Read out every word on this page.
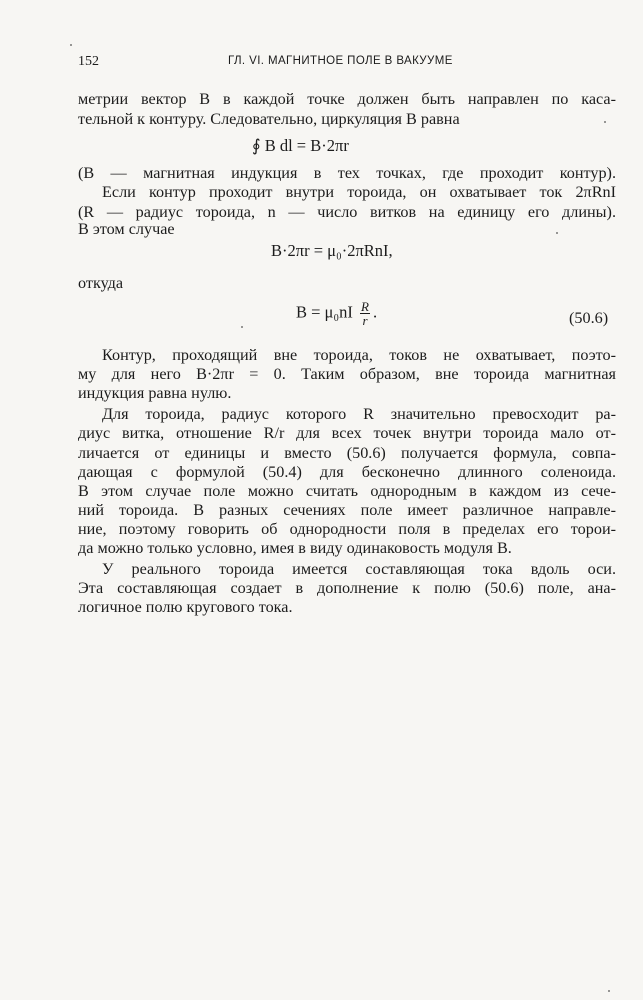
152	ГЛ. VI. МАГНИТНОЕ ПОЛЕ В ВАКУУМЕ
метрии вектор B в каждой точке должен быть направлен по каса-
тельной к контуру. Следовательно, циркуляция B равна
∮ B dl = B·2πr
(B — магнитная индукция в тех точках, где проходит контур).
Если контур проходит внутри тороида, он охватывает ток 2πRnI
(R — радиус тороида, n — число витков на единицу его длины).
В этом случае
B·2πr = μ₀·2πRnI,
откуда
$B = \mu_0nI \frac{R}{r}$ .	(50.6)
Контур, проходящий вне тороида, токов не охватывает, поэто-
му для него B·2πr = 0. Таким образом, вне тороида магнитная
индукция равна нулю.
Для тороида, радиус которого R значительно превосходит ра-
диус витка, отношение R/r для всех точек внутри тороида мало от-
личается от единицы и вместо (50.6) получается формула, совпа-
дающая с формулой (50.4) для бесконечно длинного соленоида.
В этом случае поле можно считать однородным в каждом из сече-
ний тороида. В разных сечениях поле имеет различное направле-
ние, поэтому говорить об однородности поля в пределах его торои-
да можно только условно, имея в виду одинаковость модуля B.
У реального тороида имеется составляющая тока вдоль оси.
Эта составляющая создает в дополнение к полю (50.6) поле, ана-
логичное полю кругового тока.
